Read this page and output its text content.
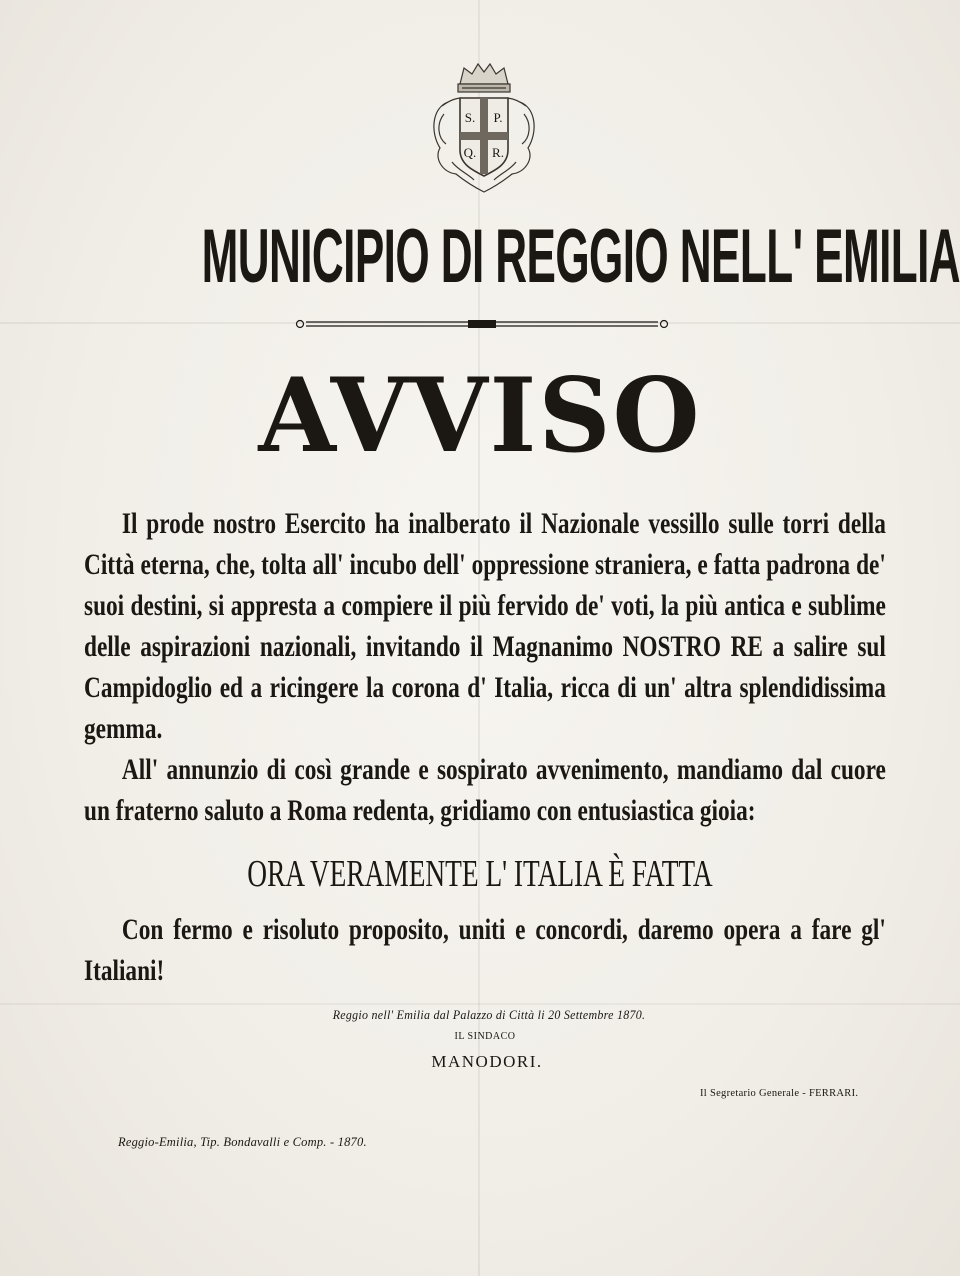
S. P.
Q. R.
MUNICIPIO DI REGGIO NELL' EMILIA
AVVISO

Il prode nostro Esercito ha inalberato il Nazionale vessillo sulle torri della Città eterna, che, tolta all' incubo dell' oppressione straniera, e fatta padrona de' suoi destini, si appresta a compiere il più fervido de' voti, la più antica e sublime delle aspirazioni nazionali, invitando il Magnanimo NOSTRO RE a salire sul Campidoglio ed a ricingere la corona d' Italia, ricca di un' altra splendidissima gemma.

All' annunzio di così grande e sospirato avvenimento, mandiamo dal cuore un fraterno saluto a Roma redenta, gridiamo con entusiastica gioia:

ORA VERAMENTE L' ITALIA È FATTA

Con fermo e risoluto proposito, uniti e concordi, daremo opera a fare gl' Italiani!

Reggio nell' Emilia dal Palazzo di Città li 20 Settembre 1870.
IL SINDACO
MANODORI.
Il Segretario Generale - FERRARI.
Reggio-Emilia, Tip. Bondavalli e Comp. - 1870.
